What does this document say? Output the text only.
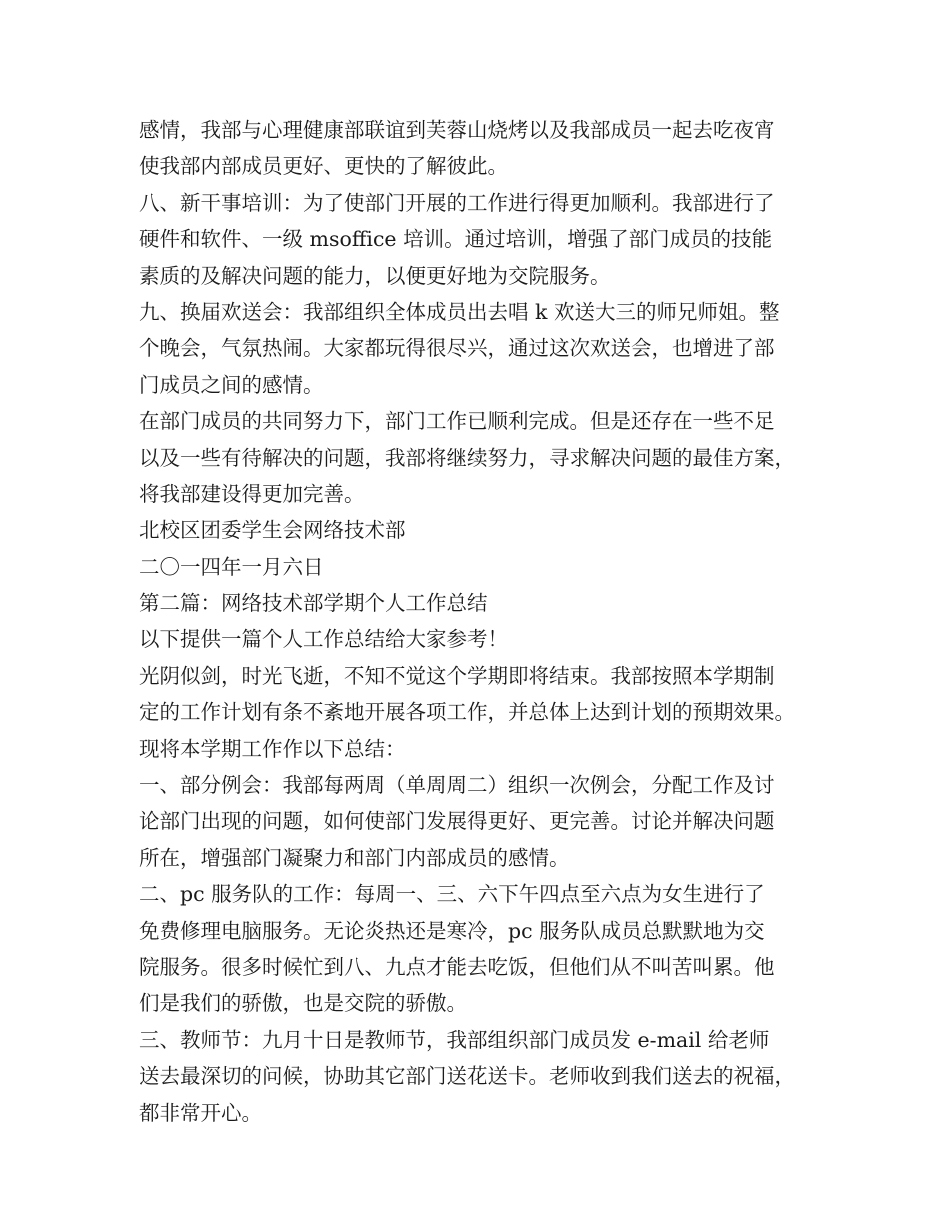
感情，我部与心理健康部联谊到芙蓉山烧烤以及我部成员一起去吃夜宵
使我部内部成员更好、更快的了解彼此。
八、新干事培训：为了使部门开展的工作进行得更加顺利。我部进行了
硬件和软件、一级 msoffice 培训。通过培训，增强了部门成员的技能
素质的及解决问题的能力，以便更好地为交院服务。
九、换届欢送会：我部组织全体成员出去唱 k 欢送大三的师兄师姐。整
个晚会，气氛热闹。大家都玩得很尽兴，通过这次欢送会，也增进了部
门成员之间的感情。
在部门成员的共同努力下，部门工作已顺利完成。但是还存在一些不足
以及一些有待解决的问题，我部将继续努力，寻求解决问题的最佳方案，
将我部建设得更加完善。
北校区团委学生会网络技术部
二〇一四年一月六日
第二篇：网络技术部学期个人工作总结
以下提供一篇个人工作总结给大家参考！
光阴似剑，时光飞逝，不知不觉这个学期即将结束。我部按照本学期制
定的工作计划有条不紊地开展各项工作，并总体上达到计划的预期效果。
现将本学期工作作以下总结：
一、部分例会：我部每两周（单周周二）组织一次例会，分配工作及讨
论部门出现的问题，如何使部门发展得更好、更完善。讨论并解决问题
所在，增强部门凝聚力和部门内部成员的感情。
二、pc 服务队的工作：每周一、三、六下午四点至六点为女生进行了
免费修理电脑服务。无论炎热还是寒冷，pc 服务队成员总默默地为交
院服务。很多时候忙到八、九点才能去吃饭，但他们从不叫苦叫累。他
们是我们的骄傲，也是交院的骄傲。
三、教师节：九月十日是教师节，我部组织部门成员发 e-mail 给老师
送去最深切的问候，协助其它部门送花送卡。老师收到我们送去的祝福，
都非常开心。
